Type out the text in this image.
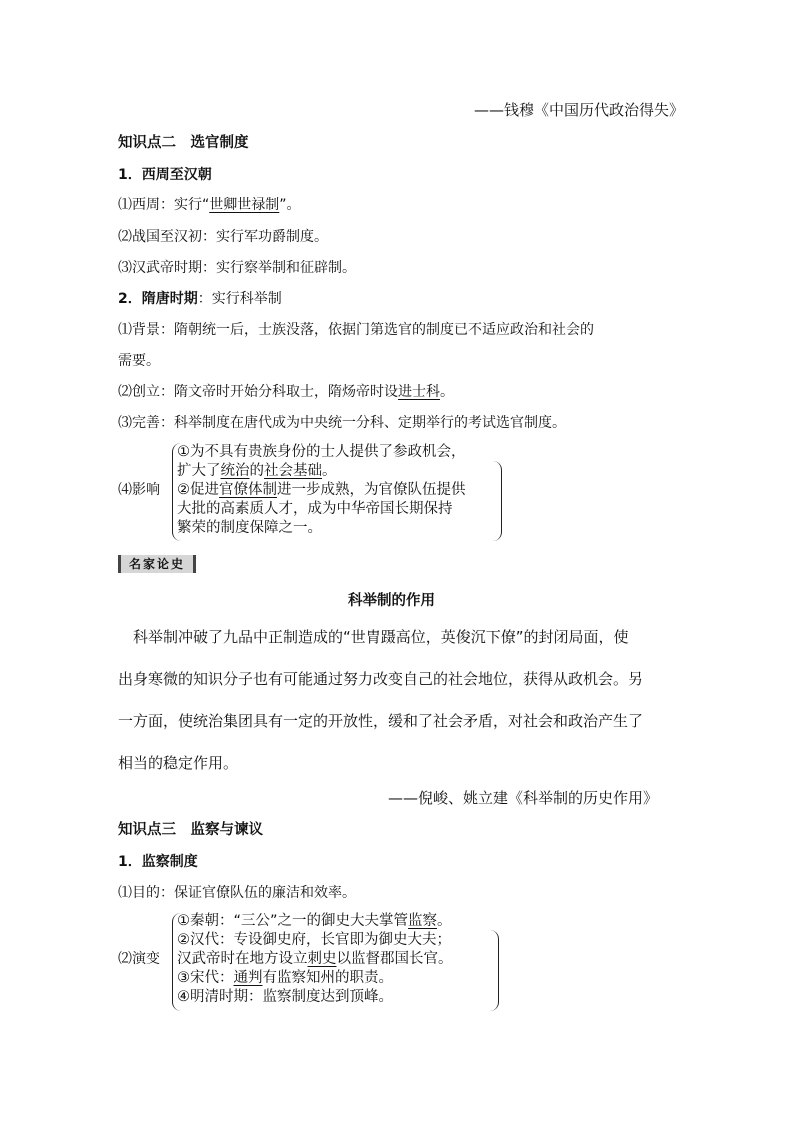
——钱穆《中国历代政治得失》
知识点二　选官制度
1．西周至汉朝
⑴西周：实行“世卿世禄制”。
⑵战国至汉初：实行军功爵制度。
⑶汉武帝时期：实行察举制和征辟制。
2．隋唐时期：实行科举制
⑴背景：隋朝统一后，士族没落，依据门第选官的制度已不适应政治和社会的
需要。
⑵创立：隋文帝时开始分科取士，隋炀帝时设进士科。
⑶完善：科举制度在唐代成为中央统一分科、定期举行的考试选官制度。
⑷影响
①为不具有贵族身份的士人提供了参政机会，
扩大了统治的社会基础。
②促进官僚体制进一步成熟，为官僚队伍提供
大批的高素质人才，成为中华帝国长期保持
繁荣的制度保障之一。
名家论史
科举制的作用
　科举制冲破了九品中正制造成的“世胄蹑高位，英俊沉下僚”的封闭局面，使
出身寒微的知识分子也有可能通过努力改变自己的社会地位，获得从政机会。另
一方面，使统治集团具有一定的开放性，缓和了社会矛盾，对社会和政治产生了
相当的稳定作用。
——倪峻、姚立建《科举制的历史作用》
知识点三　监察与谏议
1．监察制度
⑴目的：保证官僚队伍的廉洁和效率。
⑵演变
①秦朝：“三公”之一的御史大夫掌管监察。
②汉代：专设御史府，长官即为御史大夫；
汉武帝时在地方设立刺史以监督郡国长官。
③宋代：通判有监察知州的职责。
④明清时期：监察制度达到顶峰。
